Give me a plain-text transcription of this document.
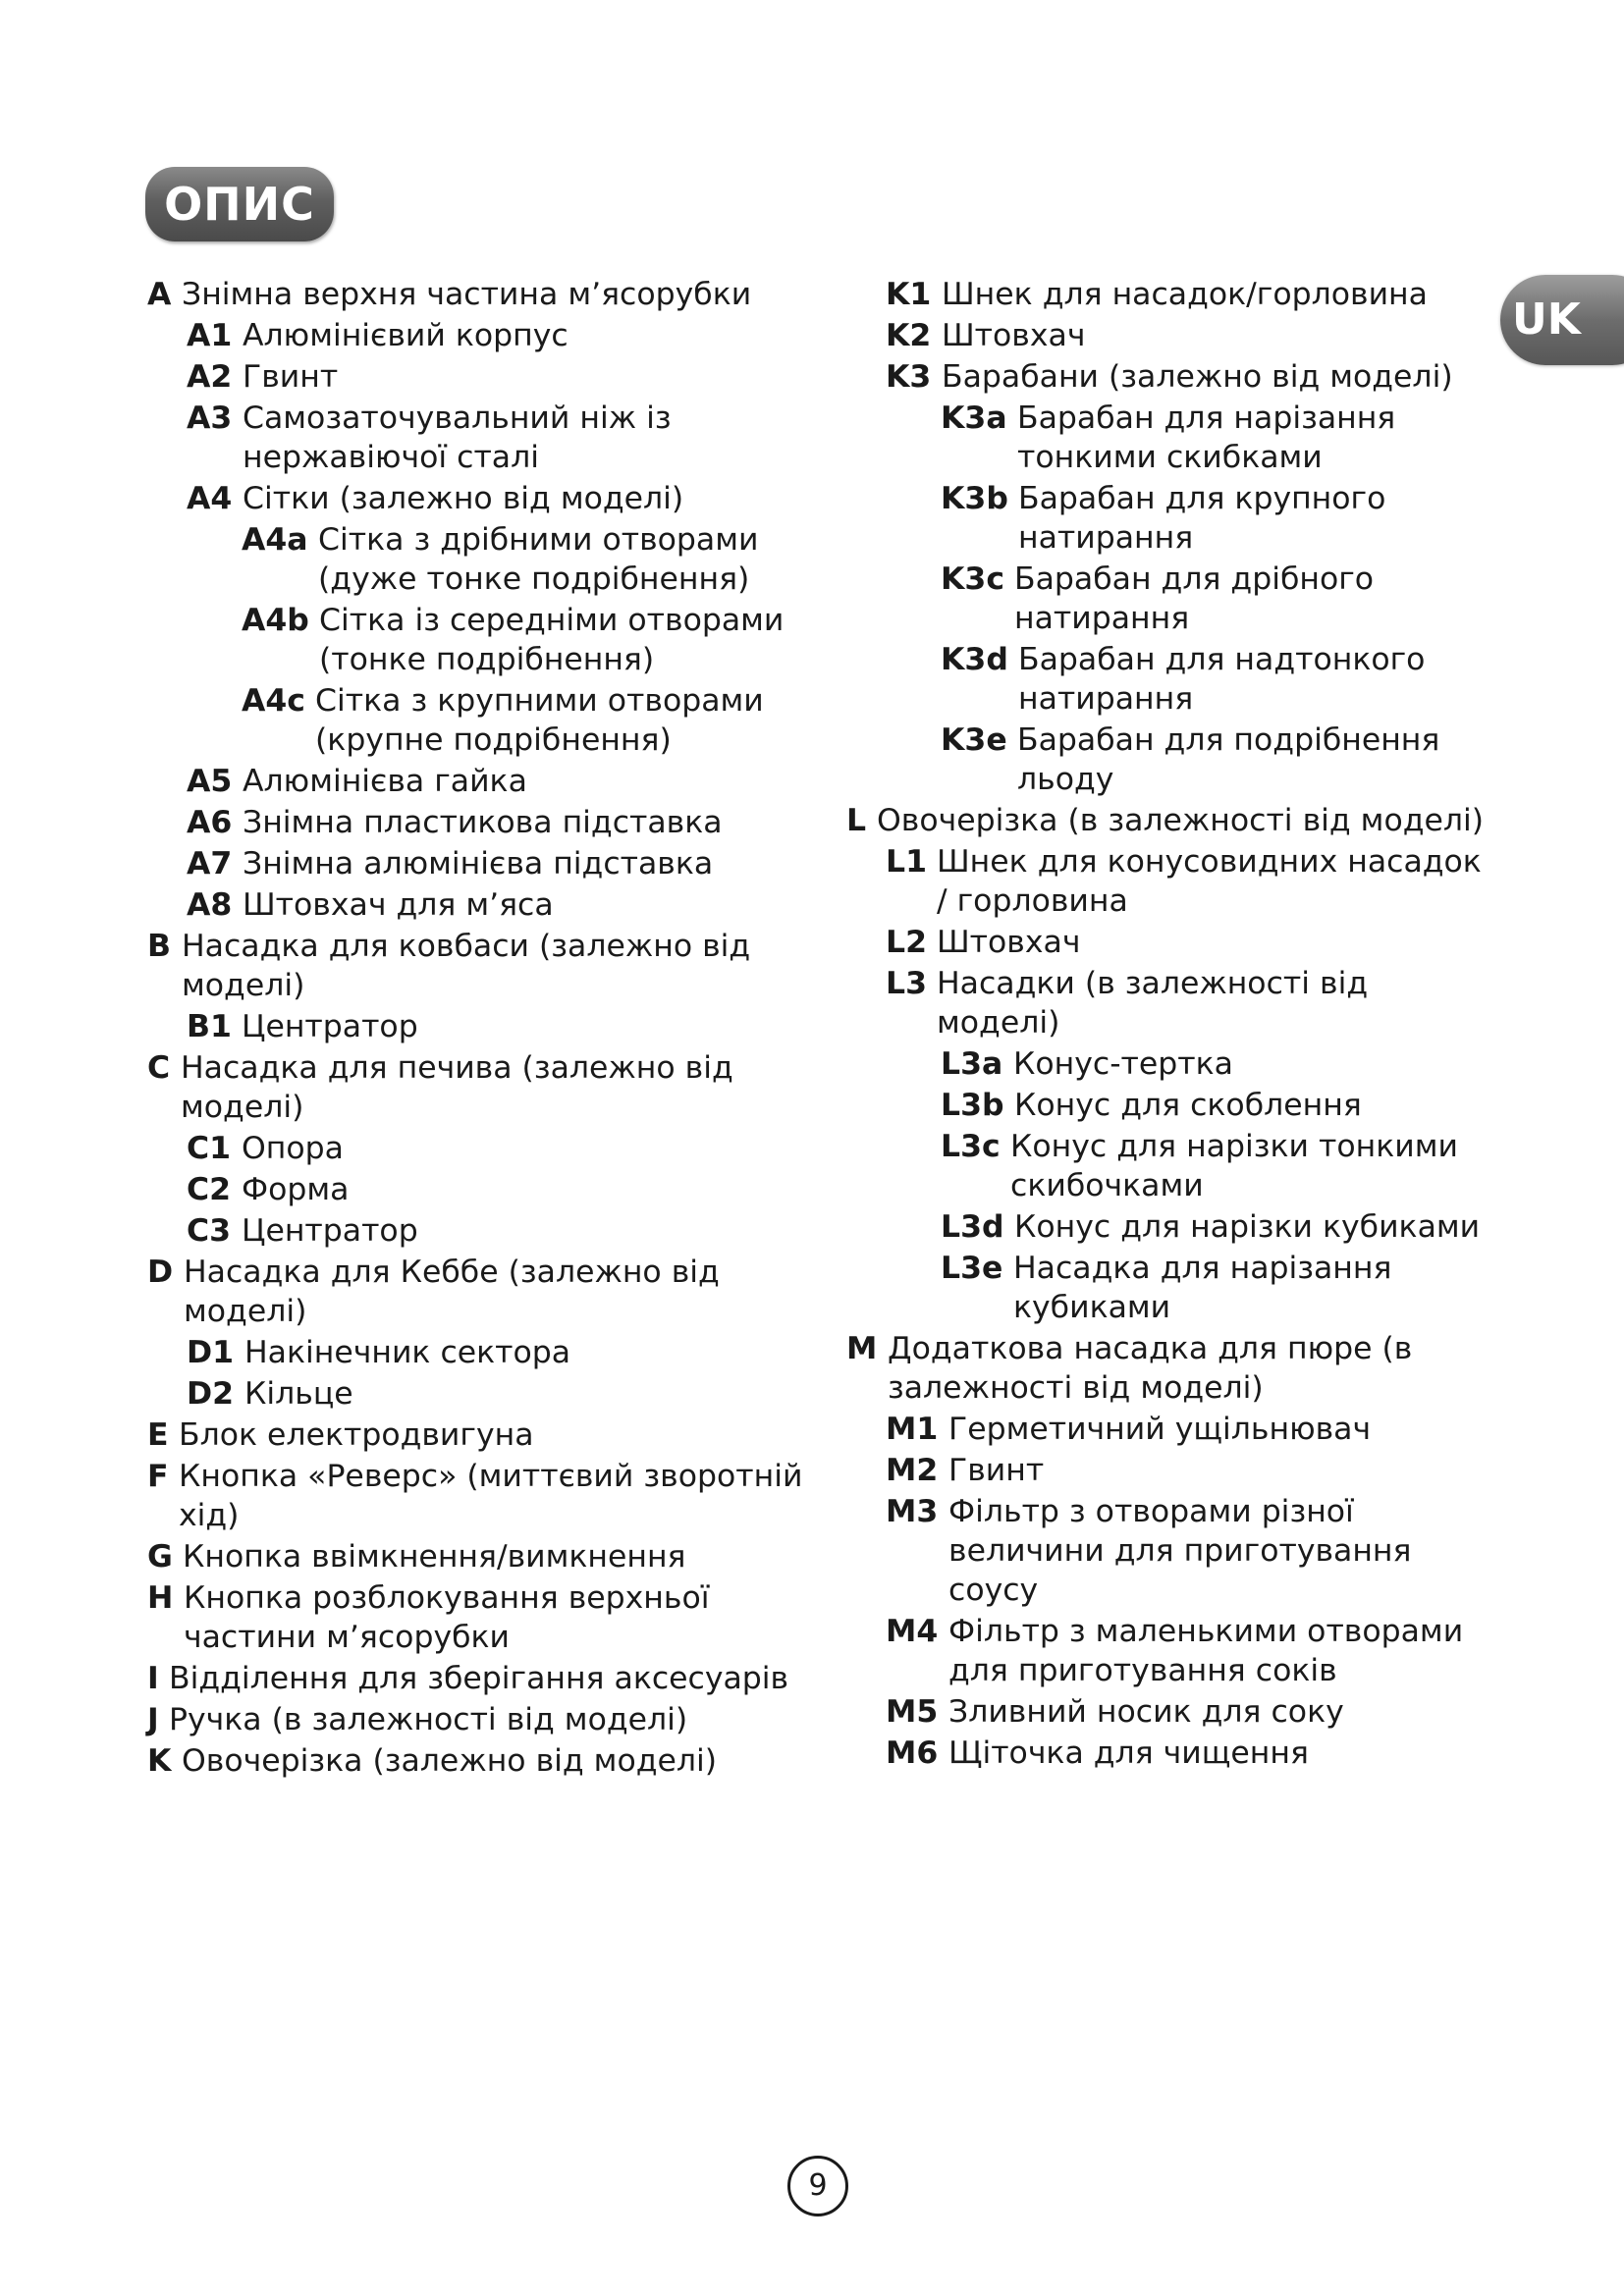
ОПИС
UK
A Знімна верхня частина м’ясорубки
A1 Алюмінієвий корпус
A2 Гвинт
A3 Самозаточувальний ніж із нержавіючої сталі
A4 Сітки (залежно від моделі)
A4a Сітка з дрібними отворами (дуже тонке подрібнення)
A4b Сітка із середніми отворами (тонке подрібнення)
A4c Сітка з крупними отворами (крупне подрібнення)
A5 Алюмінієва гайка
A6 Знімна пластикова підставка
A7 Знімна алюмінієва підставка
A8 Штовхач для м’яса
B Насадка для ковбаси (залежно від моделі)
B1 Центратор
C Насадка для печива (залежно від моделі)
C1 Опора
C2 Форма
C3 Центратор
D Насадка для Кеббе (залежно від моделі)
D1 Накінечник сектора
D2 Кільце
E Блок електродвигуна
F Кнопка «Реверс» (миттєвий зворотній хід)
G Кнопка ввімкнення/вимкнення
H Кнопка розблокування верхньої частини м’ясорубки
I Відділення для зберігання аксесуарів
J Ручка (в залежності від моделі)
K Овочерізка (залежно від моделі)
K1 Шнек для насадок/горловина
K2 Штовхач
K3 Барабани (залежно від моделі)
K3a Барабан для нарізання тонкими скибками
K3b Барабан для крупного натирання
K3c Барабан для дрібного натирання
K3d Барабан для надтонкого натирання
K3e Барабан для подрібнення льоду
L Овочерізка (в залежності від моделі)
L1 Шнек для конусовидних насадок / горловина
L2 Штовхач
L3 Насадки (в залежності від моделі)
L3a Конус-тертка
L3b Конус для скоблення
L3c Конус для нарізки тонкими скибочками
L3d Конус для нарізки кубиками
L3e Насадка для нарізання кубиками
M Додаткова насадка для пюре (в залежності від моделі)
M1 Герметичний ущільнювач
M2 Гвинт
M3 Фільтр з отворами різної величини для приготування соусу
M4 Фільтр з маленькими отворами для приготування соків
M5 Зливний носик для соку
M6 Щіточка для чищення
9
